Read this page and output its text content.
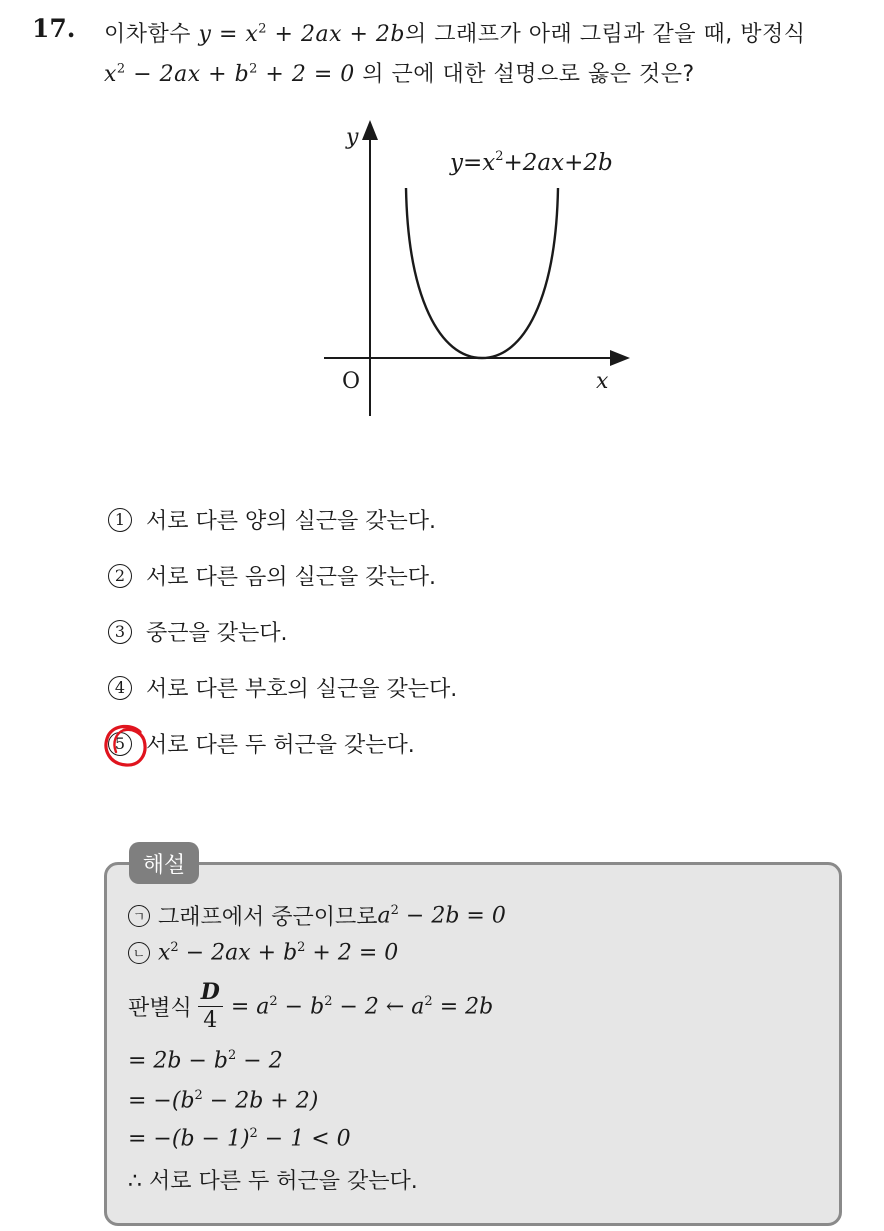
17. 이차함수 $y = x^2 + 2ax + 2b$의 그래프가 아래 그림과 같을 때, 방정식
$x^2 - 2ax + b^2 + 2 = 0$ 의 근에 대한 설명으로 옳은 것은?
y
x
O
$y=x^2+2ax+2b$
1 서로 다른 양의 실근을 갖는다.
2 서로 다른 음의 실근을 갖는다.
3 중근을 갖는다.
4 서로 다른 부호의 실근을 갖는다.
5 서로 다른 두 허근을 갖는다.
해설
ㄱ 그래프에서 중근이므로 $a^2 - 2b = 0$
ㄴ $x^2 - 2ax + b^2 + 2 = 0$
판별식 $\frac{D}{4} = a^2 - b^2 - 2$ ← $a^2 = 2b$
= $2b - b^2 - 2$
= $-(b^2 - 2b + 2)$
= $-(b - 1)^2 - 1 < 0$
∴ 서로 다른 두 허근을 갖는다.
